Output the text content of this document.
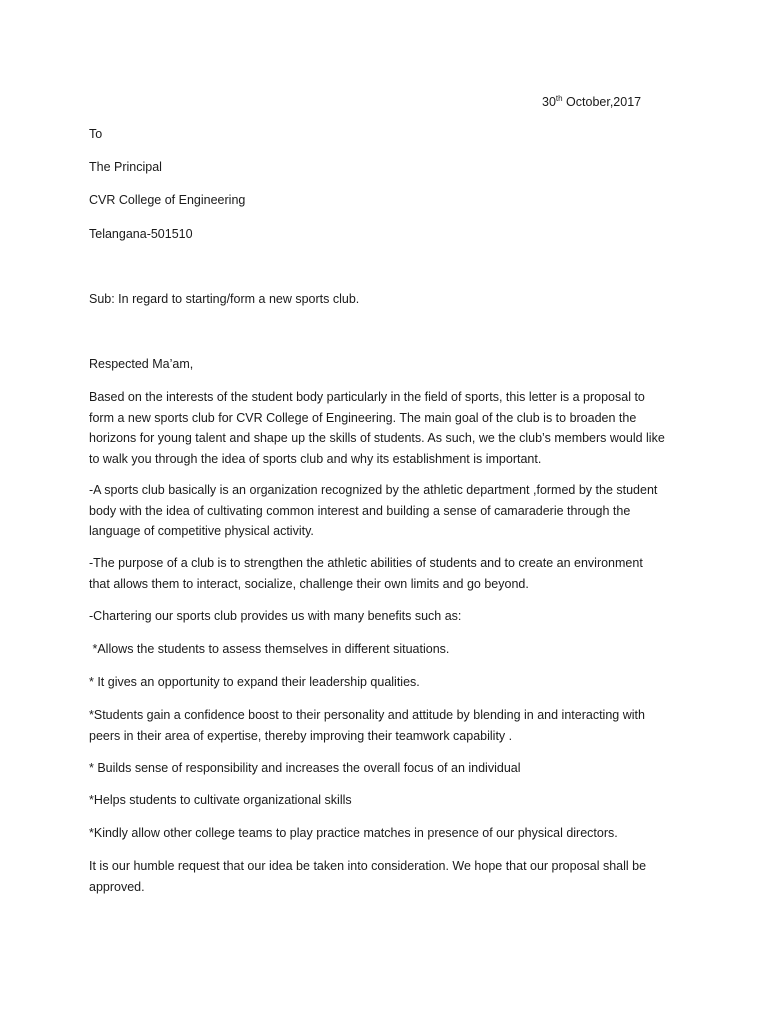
30th October,2017
To
The Principal
CVR College of Engineering
Telangana-501510
Sub: In regard to starting/form a new sports club.
Respected Ma’am,
Based on the interests of the student body particularly in the field of sports, this letter is a proposal to
form a new sports club for CVR College of Engineering. The main goal of the club is to broaden the
horizons for young talent and shape up the skills of students. As such, we the club’s members would like
to walk you through the idea of sports club and why its establishment is important.
-A sports club basically is an organization recognized by the athletic department ,formed by the student
body with the idea of cultivating common interest and building a sense of camaraderie through the
language of competitive physical activity.
-The purpose of a club is to strengthen the athletic abilities of students and to create an environment
that allows them to interact, socialize, challenge their own limits and go beyond.
-Chartering our sports club provides us with many benefits such as:
*Allows the students to assess themselves in different situations.
* It gives an opportunity to expand their leadership qualities.
*Students gain a confidence boost to their personality and attitude by blending in and interacting with
peers in their area of expertise, thereby improving their teamwork capability .
* Builds sense of responsibility and increases the overall focus of an individual
*Helps students to cultivate organizational skills
*Kindly allow other college teams to play practice matches in presence of our physical directors.
It is our humble request that our idea be taken into consideration. We hope that our proposal shall be
approved.
